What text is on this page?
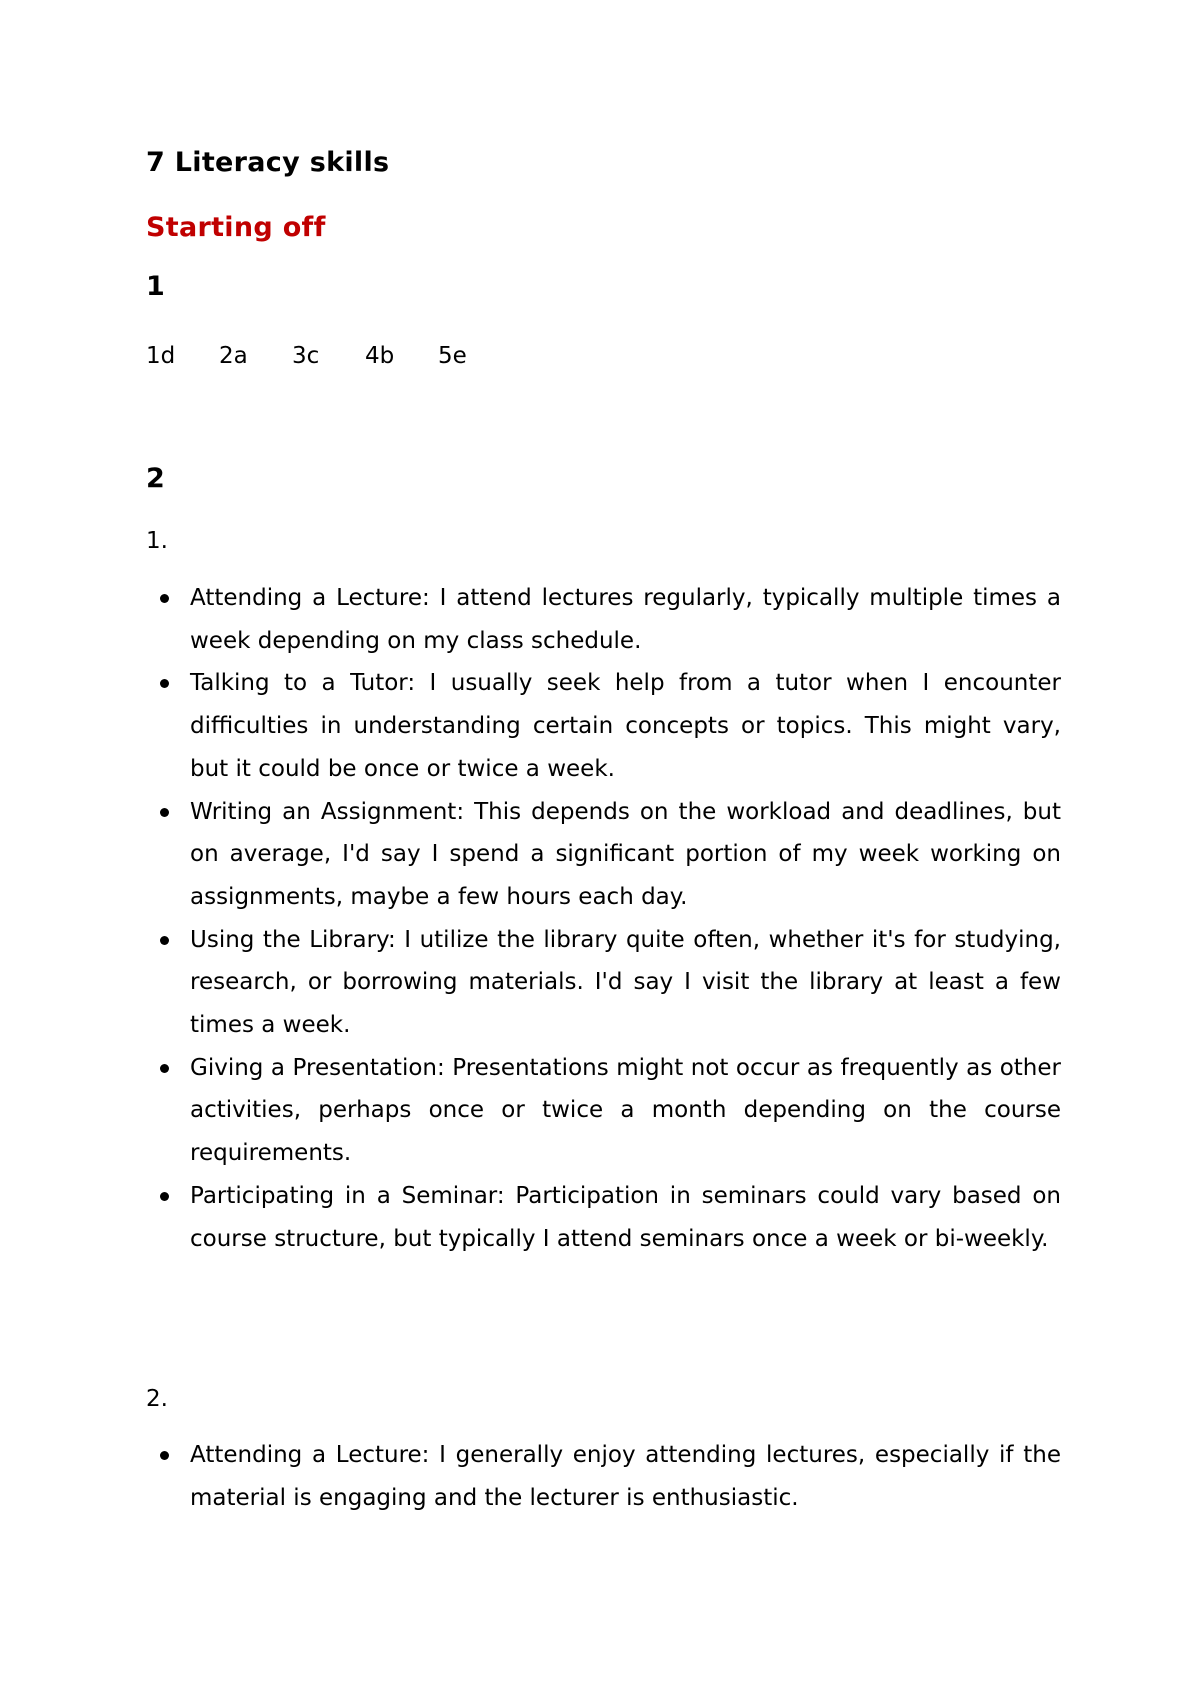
7 Literacy skills
Starting off
1
1d	2a	3c	4b	5e
2

1.

Attending a Lecture: I attend lectures regularly, typically multiple times a week depending on my class schedule.
Talking to a Tutor: I usually seek help from a tutor when I encounter difficulties in understanding certain concepts or topics. This might vary, but it could be once or twice a week.
Writing an Assignment: This depends on the workload and deadlines, but on average, I'd say I spend a significant portion of my week working on assignments, maybe a few hours each day.
Using the Library: I utilize the library quite often, whether it's for studying, research, or borrowing materials. I'd say I visit the library at least a few times a week.
Giving a Presentation: Presentations might not occur as frequently as other activities, perhaps once or twice a month depending on the course requirements.
Participating in a Seminar: Participation in seminars could vary based on course structure, but typically I attend seminars once a week or bi-weekly.

2.

Attending a Lecture: I generally enjoy attending lectures, especially if the material is engaging and the lecturer is enthusiastic.
